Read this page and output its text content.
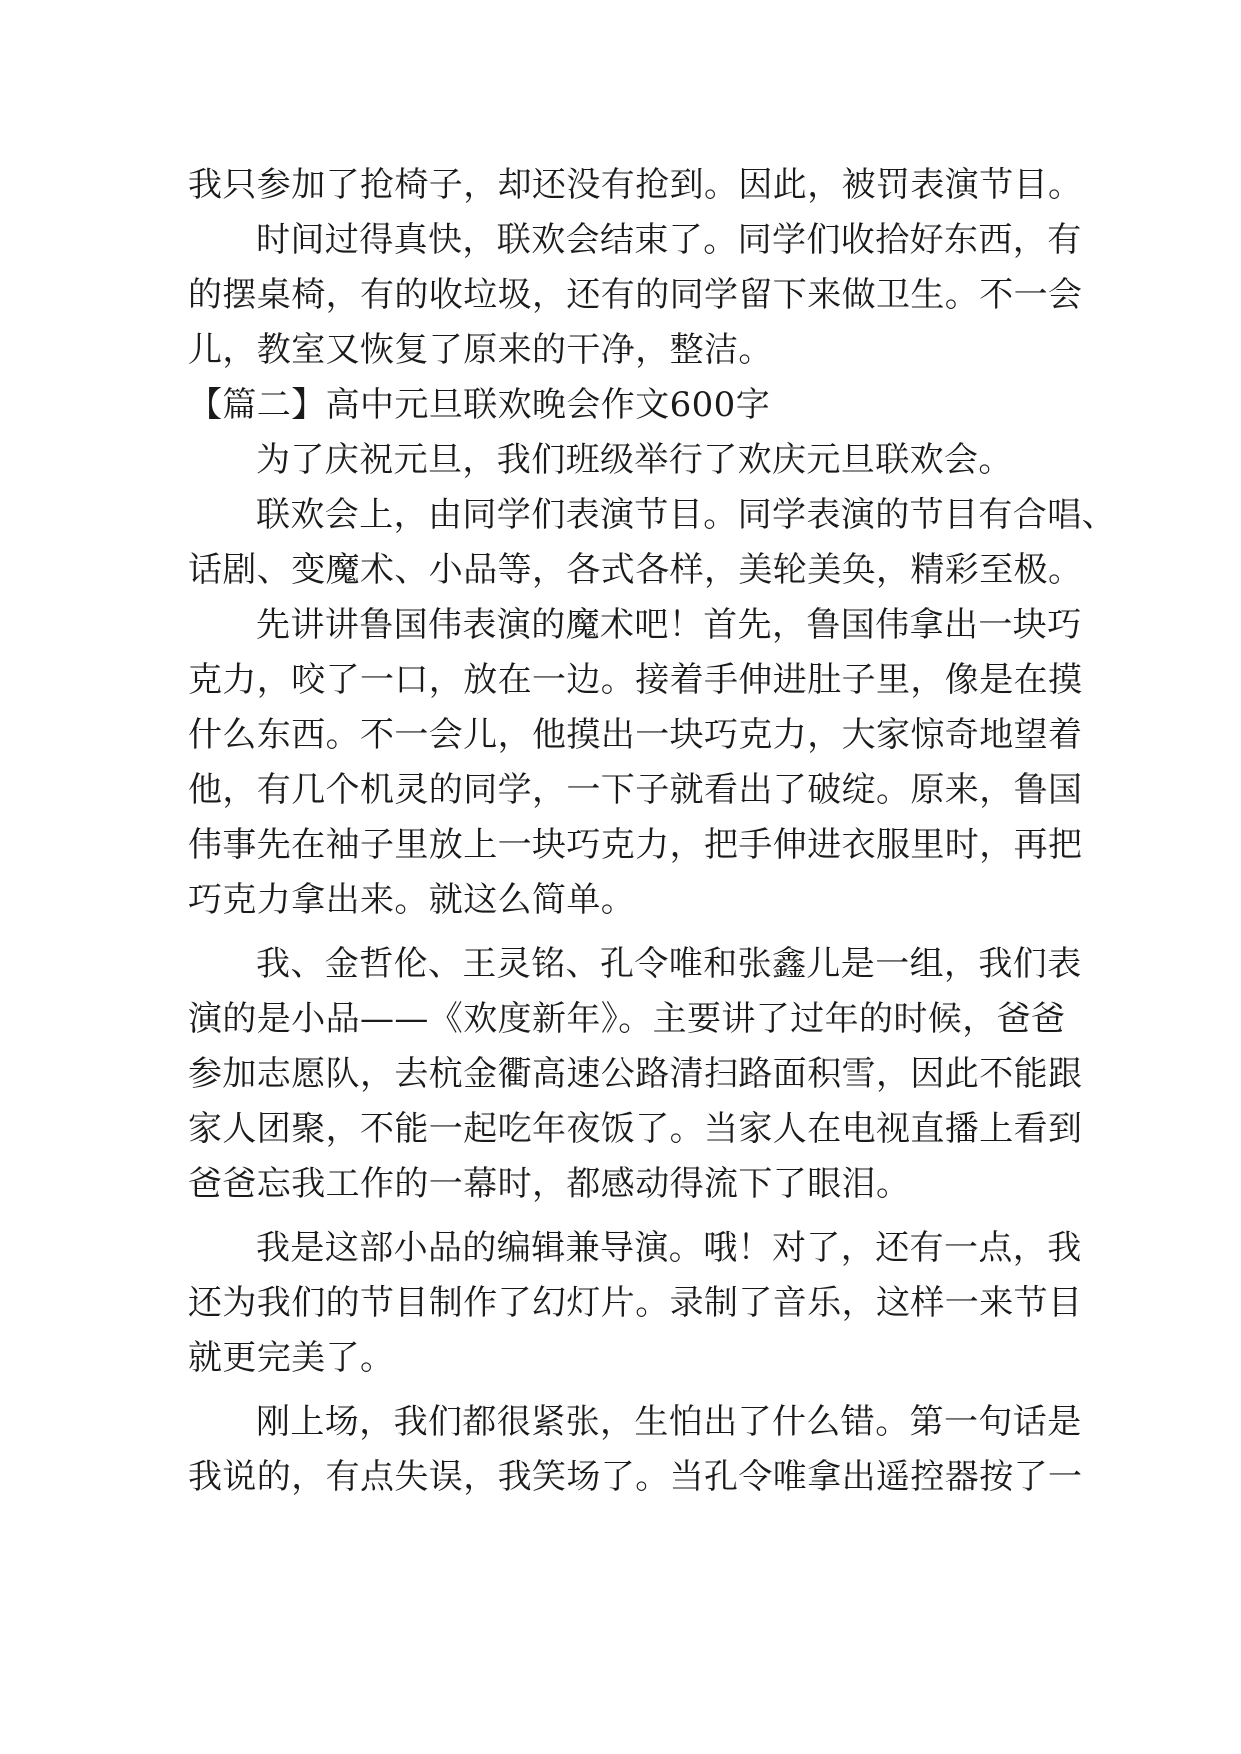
我只参加了抢椅子，却还没有抢到。因此，被罚表演节目。
时间过得真快，联欢会结束了。同学们收拾好东西，有
的摆桌椅，有的收垃圾，还有的同学留下来做卫生。不一会
儿，教室又恢复了原来的干净，整洁。
【篇二】高中元旦联欢晚会作文600字
为了庆祝元旦，我们班级举行了欢庆元旦联欢会。
联欢会上，由同学们表演节目。同学表演的节目有合唱、
话剧、变魔术、小品等，各式各样，美轮美奂，精彩至极。
先讲讲鲁国伟表演的魔术吧！首先，鲁国伟拿出一块巧
克力，咬了一口，放在一边。接着手伸进肚子里，像是在摸
什么东西。不一会儿，他摸出一块巧克力，大家惊奇地望着
他，有几个机灵的同学，一下子就看出了破绽。原来，鲁国
伟事先在袖子里放上一块巧克力，把手伸进衣服里时，再把
巧克力拿出来。就这么简单。
我、金哲伦、王灵铭、孔令唯和张鑫儿是一组，我们表
演的是小品——《欢度新年》。主要讲了过年的时候，爸爸
参加志愿队，去杭金衢高速公路清扫路面积雪，因此不能跟
家人团聚，不能一起吃年夜饭了。当家人在电视直播上看到
爸爸忘我工作的一幕时，都感动得流下了眼泪。
我是这部小品的编辑兼导演。哦！对了，还有一点，我
还为我们的节目制作了幻灯片。录制了音乐，这样一来节目
就更完美了。
刚上场，我们都很紧张，生怕出了什么错。第一句话是
我说的，有点失误，我笑场了。当孔令唯拿出遥控器按了一
